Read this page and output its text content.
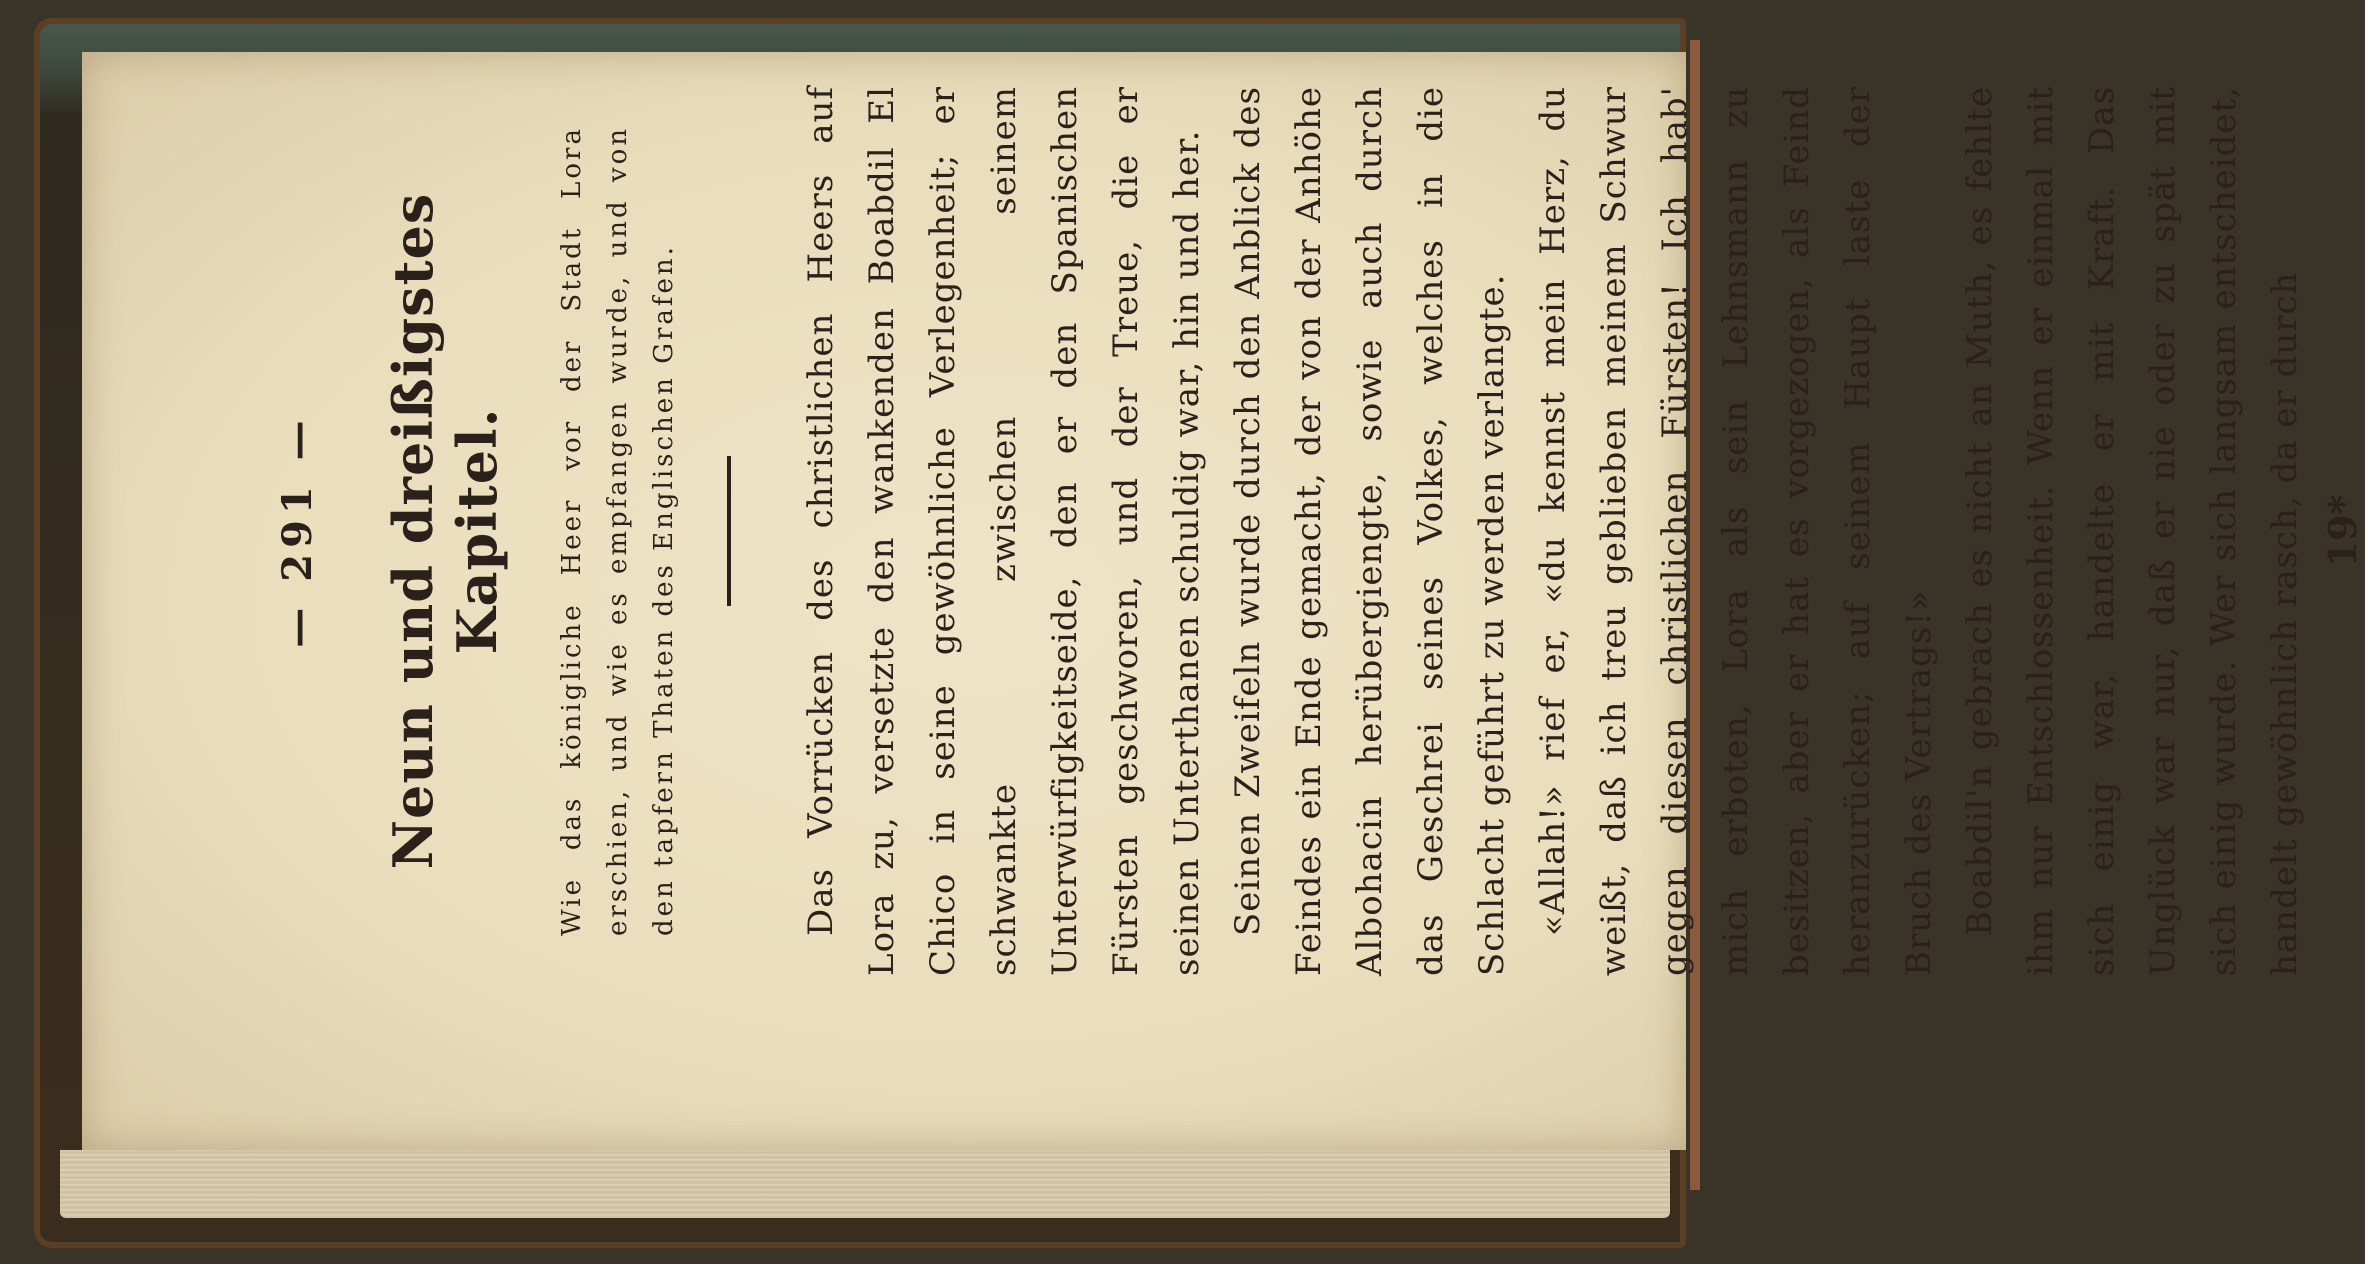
— 291 — Neun und dreißigstes Kapitel.	Wie das königliche Heer vor der Stadt Lora erschien, und wie es empfangen wurde, und von den tapfern Thaten des Englischen Grafen.	Das Vorrücken des christlichen Heers auf Lora zu, versetzte den wankenden Boabdil El Chico in seine gewöhnliche Verlegenheit; er schwankte zwischen seinem Unterwürfigkeitseide, den er den Spanischen Fürsten geschworen, und der Treue, die er seinen Unterthanen schuldig war, hin und her. Seinen Zweifeln wurde durch den Anblick des Feindes ein Ende gemacht, der von der Anhöhe Albohacin herübergiengte, sowie auch durch das Geschrei seines Volkes, welches in die Schlacht geführt zu werden verlangte. «Allah!» rief er, «du kennst mein Herz, du weißt, daß ich treu geblieben meinem Schwur gegen diesen christlichen Fürsten! Ich hab' mich erboten, Lora als sein Lehnsmann zu besitzen, aber er hat es vorgezogen, als Feind heranzurücken; auf seinem Haupt laste der Bruch des Vertrags!» Boabdil'n gebrach es nicht an Muth, es fehlte ihm nur Entschlossenheit. Wenn er einmal mit sich einig war, handelte er mit Kraft. Das Unglück war nur, daß er nie oder zu spät mit sich einig wurde. Wer sich langsam entscheidet, handelt gewöhnlich rasch, da er durch 19*
